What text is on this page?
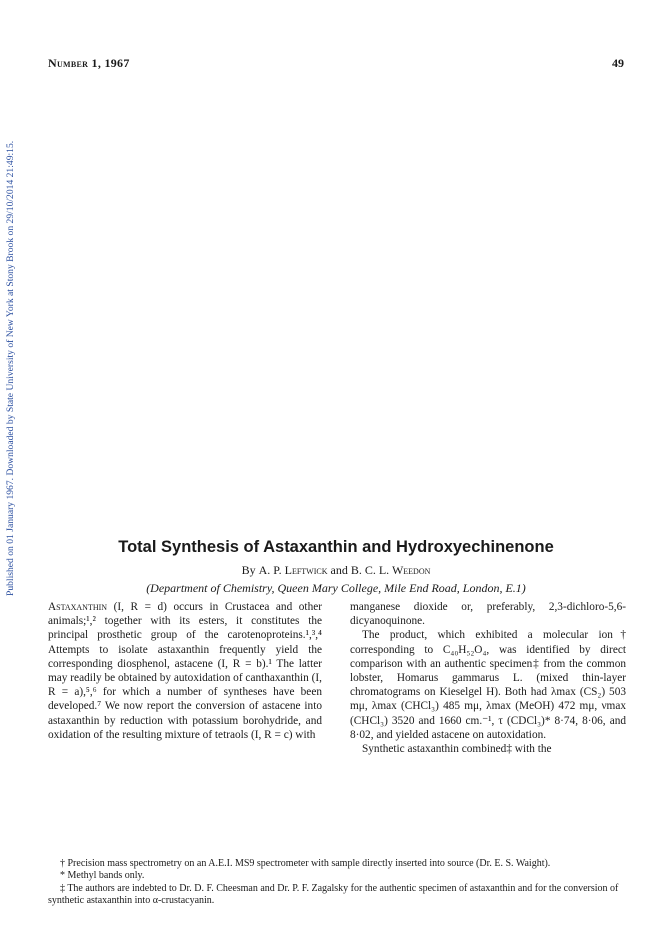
Published on 01 January 1967. Downloaded by State University of New York at Stony Brook on 29/10/2014 21:49:15.
Number 1, 1967	49
Total Synthesis of Astaxanthin and Hydroxyechinenone
By A. P. Leftwick and B. C. L. Weedon
(Department of Chemistry, Queen Mary College, Mile End Road, London, E.1)

Astaxanthin (I, R = d) occurs in Crustacea and other animals;¹,² together with its esters, it constitutes the principal prosthetic group of the carotenoproteins.¹,³,⁴ Attempts to isolate astaxanthin frequently yield the corresponding diosphenol, astacene (I, R = b).¹ The latter may readily be obtained by autoxidation of canthaxanthin (I, R = a),⁵,⁶ for which a number of syntheses have been developed.⁷ We now report the conversion of astacene into astaxanthin by reduction with potassium borohydride, and oxidation of the resulting mixture of tetraols (I, R = c) with

manganese dioxide or, preferably, 2,3-dichloro-5,6-dicyanoquinone.

The product, which exhibited a molecular ion† corresponding to C₄₀H₅₂O₄, was identified by direct comparison with an authentic specimen‡ from the common lobster, Homarus gammarus L. (mixed thin-layer chromatograms on Kieselgel H). Both had λmax (CS₂) 503 mμ, λmax (CHCl₃) 485 mμ, λmax (MeOH) 472 mμ, νmax (CHCl₃) 3520 and 1660 cm.⁻¹, τ (CDCl₃)* 8·74, 8·06, and 8·02, and yielded astacene on autoxidation.

Synthetic astaxanthin combined‡ with the

† Precision mass spectrometry on an A.E.I. MS9 spectrometer with sample directly inserted into source (Dr. E. S. Waight).

* Methyl bands only.

‡ The authors are indebted to Dr. D. F. Cheesman and Dr. P. F. Zagalsky for the authentic specimen of astaxanthin and for the conversion of synthetic astaxanthin into α-crustacyanin.
